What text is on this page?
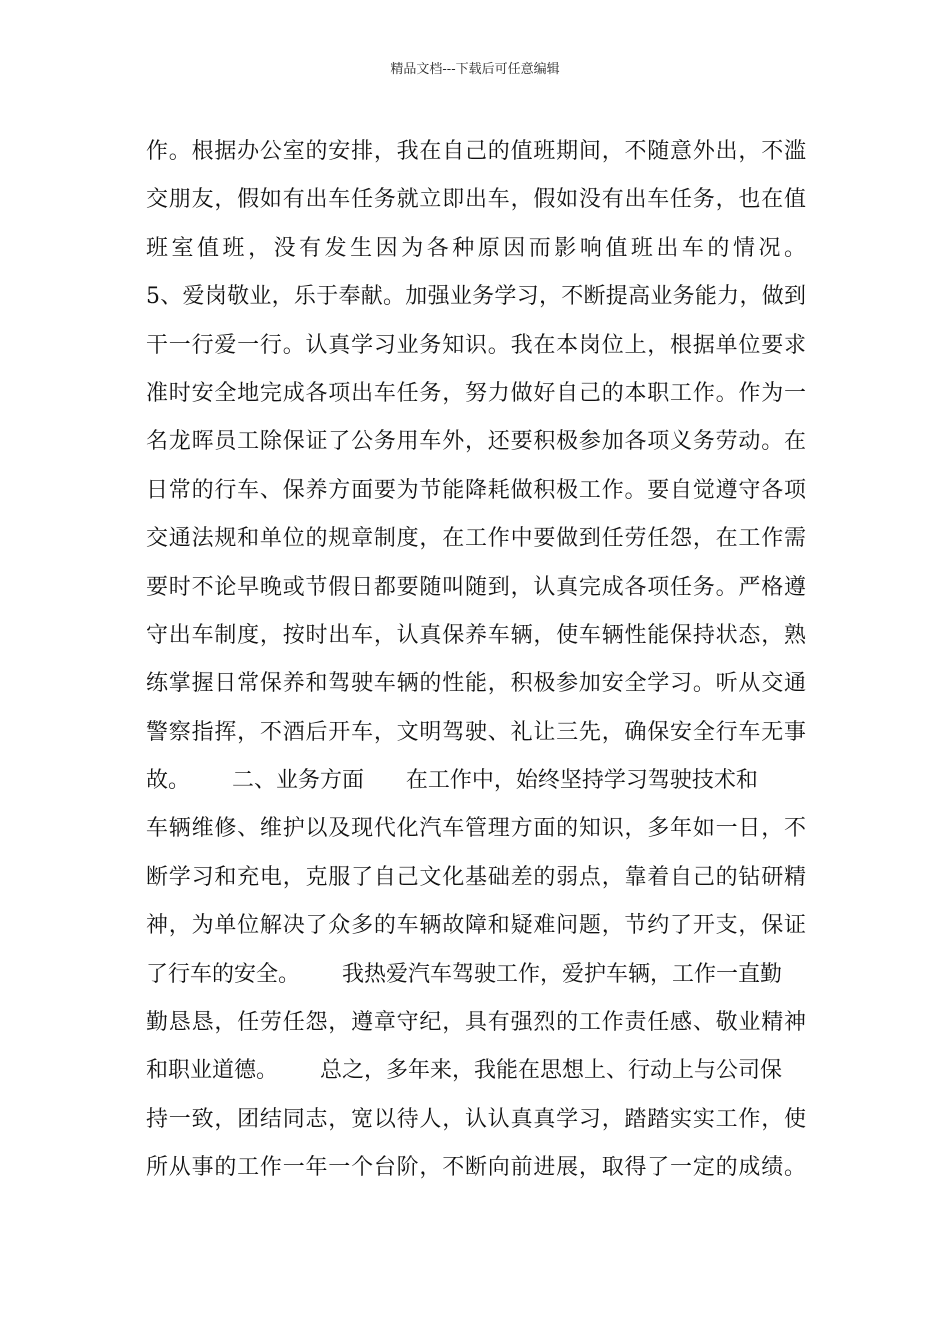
精品文档---下载后可任意编辑
作。根据办公室的安排，我在自己的值班期间，不随意外出，不滥
交朋友，假如有出车任务就立即出车，假如没有出车任务，也在值
班室值班，没有发生因为各种原因而影响值班出车的情况。
5、爱岗敬业，乐于奉献。加强业务学习，不断提高业务能力，做到
干一行爱一行。认真学习业务知识。我在本岗位上，根据单位要求
准时安全地完成各项出车任务，努力做好自己的本职工作。作为一
名龙晖员工除保证了公务用车外，还要积极参加各项义务劳动。在
日常的行车、保养方面要为节能降耗做积极工作。要自觉遵守各项
交通法规和单位的规章制度，在工作中要做到任劳任怨，在工作需
要时不论早晚或节假日都要随叫随到，认真完成各项任务。严格遵
守出车制度，按时出车，认真保养车辆，使车辆性能保持状态，熟
练掌握日常保养和驾驶车辆的性能，积极参加安全学习。听从交通
警察指挥，不酒后开车，文明驾驶、礼让三先，确保安全行车无事
故。      二、业务方面      在工作中，始终坚持学习驾驶技术和
车辆维修、维护以及现代化汽车管理方面的知识，多年如一日，不
断学习和充电，克服了自己文化基础差的弱点，靠着自己的钻研精
神，为单位解决了众多的车辆故障和疑难问题，节约了开支，保证
了行车的安全。      我热爱汽车驾驶工作，爱护车辆，工作一直勤
勤恳恳，任劳任怨，遵章守纪，具有强烈的工作责任感、敬业精神
和职业道德。      总之，多年来，我能在思想上、行动上与公司保
持一致，团结同志，宽以待人，认认真真学习，踏踏实实工作，使
所从事的工作一年一个台阶，不断向前进展，取得了一定的成绩。
